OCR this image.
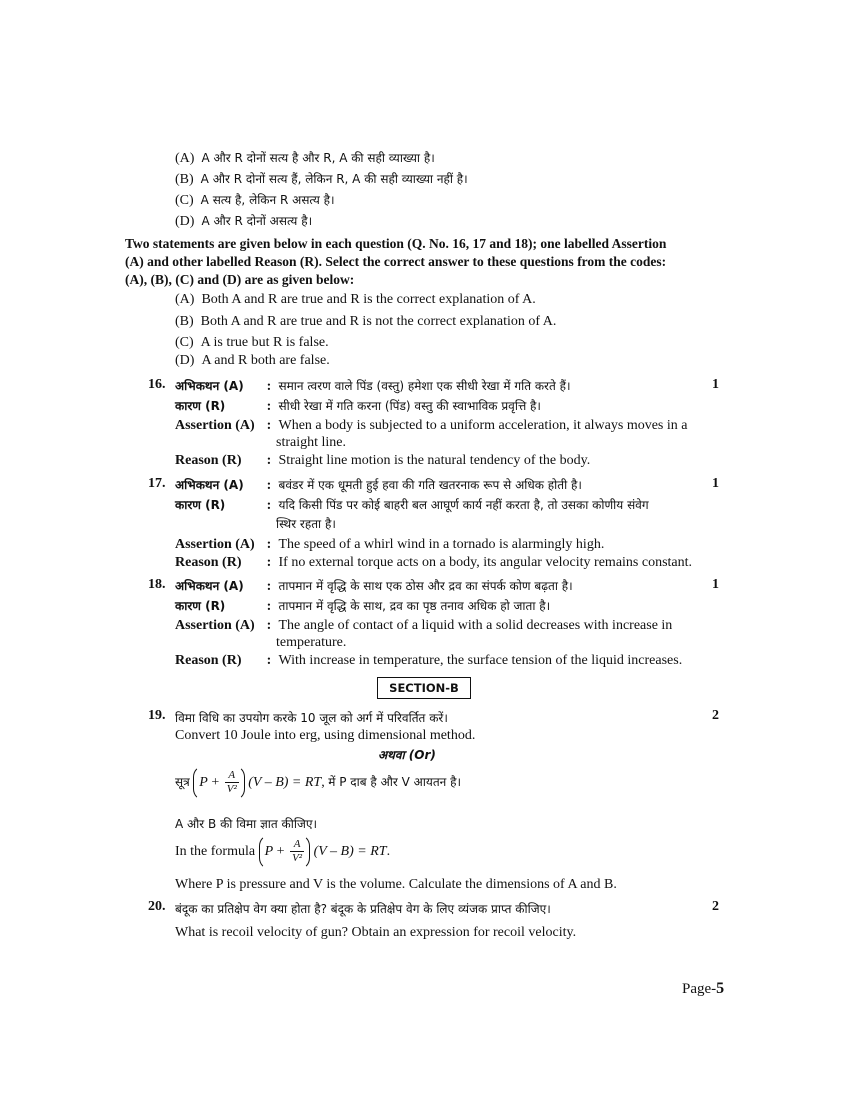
(A) A और R दोनों सत्य है और R, A की सही व्याख्या है।
(B) A और R दोनों सत्य हैं, लेकिन R, A की सही व्याख्या नहीं है।
(C) A सत्य है, लेकिन R असत्य है।
(D) A और R दोनों असत्य है।
Two statements are given below in each question (Q. No. 16, 17 and 18); one labelled Assertion
(A) and other labelled Reason (R). Select the correct answer to these questions from the codes:
(A), (B), (C) and (D) are as given below:
(A) Both A and R are true and R is the correct explanation of A.
(B) Both A and R are true and R is not the correct explanation of A.
(C) A is true but R is false.
(D) A and R both are false.
16. अभिकथन (A) : समान त्वरण वाले पिंड (वस्तु) हमेशा एक सीधी रेखा में गति करते हैं।	1
कारण (R)	: सीधी रेखा में गति करना (पिंड) वस्तु की स्वाभाविक प्रवृत्ति है।
Assertion (A) : When a body is subjected to a uniform acceleration, it always moves in a
straight line.
Reason (R) : Straight line motion is the natural tendency of the body.
17. अभिकथन (A) : बवंडर में एक धूमती हुई हवा की गति खतरनाक रूप से अधिक होती है।	1
कारण (R)	: यदि किसी पिंड पर कोई बाहरी बल आघूर्ण कार्य नहीं करता है, तो उसका कोणीय संवेग
स्थिर रहता है।
Assertion (A) : The speed of a whirl wind in a tornado is alarmingly high.
Reason (R) : If no external torque acts on a body, its angular velocity remains constant.
18. अभिकथन (A) : तापमान में वृद्धि के साथ एक ठोस और द्रव का संपर्क कोण बढ़ता है।	1
कारण (R)	: तापमान में वृद्धि के साथ, द्रव का पृष्ठ तनाव अधिक हो जाता है।
Assertion (A) : The angle of contact of a liquid with a solid decreases with increase in
temperature.
Reason (R) : With increase in temperature, the surface tension of the liquid increases.
SECTION-B
19. विमा विधि का उपयोग करके 10 जूल को अर्ग में परिवर्तित करें।	2
Convert 10 Joule into erg, using dimensional method.
अथवा (Or)
सूत्र $P + \frac{A}{\text{V²}} (V - B)$ = RT, में P दाब है और V आयतन है।
A और B की विमा ज्ञात कीजिए।
In the formula $P + \frac{A}{\text{V²}} (V - B)$ = RT.
Where P is pressure and V is the volume. Calculate the dimensions of A and B.
20. बंदूक का प्रतिक्षेप वेग क्या होता है? बंदूक के प्रतिक्षेप वेग के लिए व्यंजक प्राप्त कीजिए।	2
What is recoil velocity of gun? Obtain an expression for recoil velocity.
Page-5
